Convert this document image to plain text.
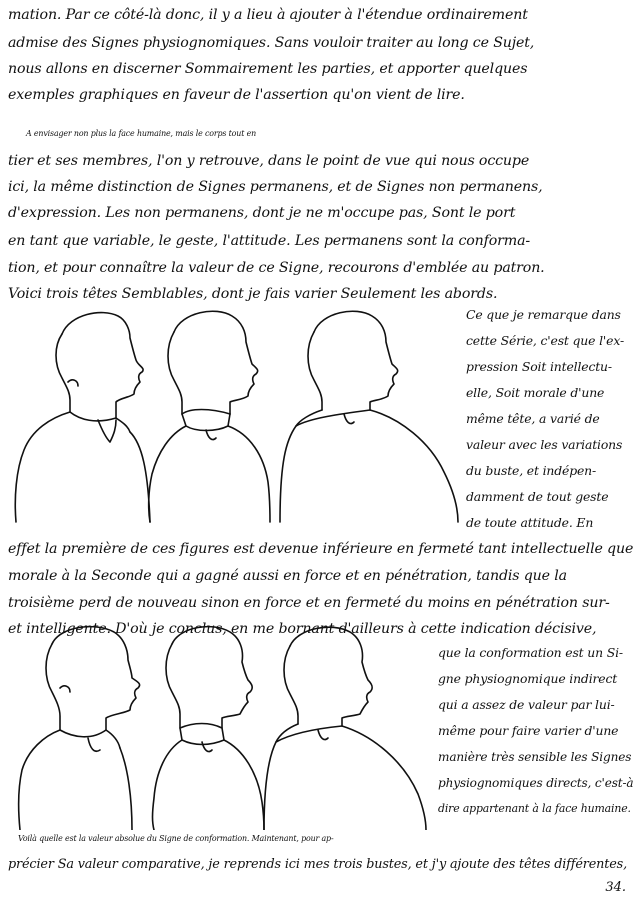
mation. Par ce côté-là donc, il y a lieu à ajouter à l'étendue ordinairement
admise des Signes physiognomiques. Sans vouloir traiter au long ce Sujet,
nous allons en discerner Sommairement les parties, et apporter quelques
exemples graphiques en faveur de l'assertion qu'on vient de lire.
A envisager non plus la face humaine, mais le corps tout en
tier et ses membres, l'on y retrouve, dans le point de vue qui nous occupe
ici, la même distinction de Signes permanens, et de Signes non permanens,
d'expression. Les non permanens, dont je ne m'occupe pas, Sont le port
en tant que variable, le geste, l'attitude. Les permanens sont la conforma-
tion, et pour connaître la valeur de ce Signe, recourons d'emblée au patron.
Voici trois têtes Semblables, dont je fais varier Seulement les abords.
Ce que je remarque dans
cette Série, c'est que l'ex-
pression Soit intellectu-
elle, Soit morale d'une
même tête, a varié de
valeur avec les variations
du buste, et indépen-
damment de tout geste
de toute attitude. En
effet la première de ces figures est devenue inférieure en fermeté tant intellectuelle que
morale à la Seconde qui a gagné aussi en force et en pénétration, tandis que la
troisième perd de nouveau sinon en force et en fermeté du moins en pénétration sur-
et intelligente. D'où je conclus, en me bornant d'ailleurs à cette indication décisive,
que la conformation est un Si-
gne physiognomique indirect
qui a assez de valeur par lui-
même pour faire varier d'une
manière très sensible les Signes
physiognomiques directs, c'est-à
dire appartenant à la face humaine.
Voilà quelle est la valeur absolue du Signe de conformation. Maintenant, pour ap-
précier Sa valeur comparative, je reprends ici mes trois bustes, et j'y ajoute des têtes différentes,
34.
